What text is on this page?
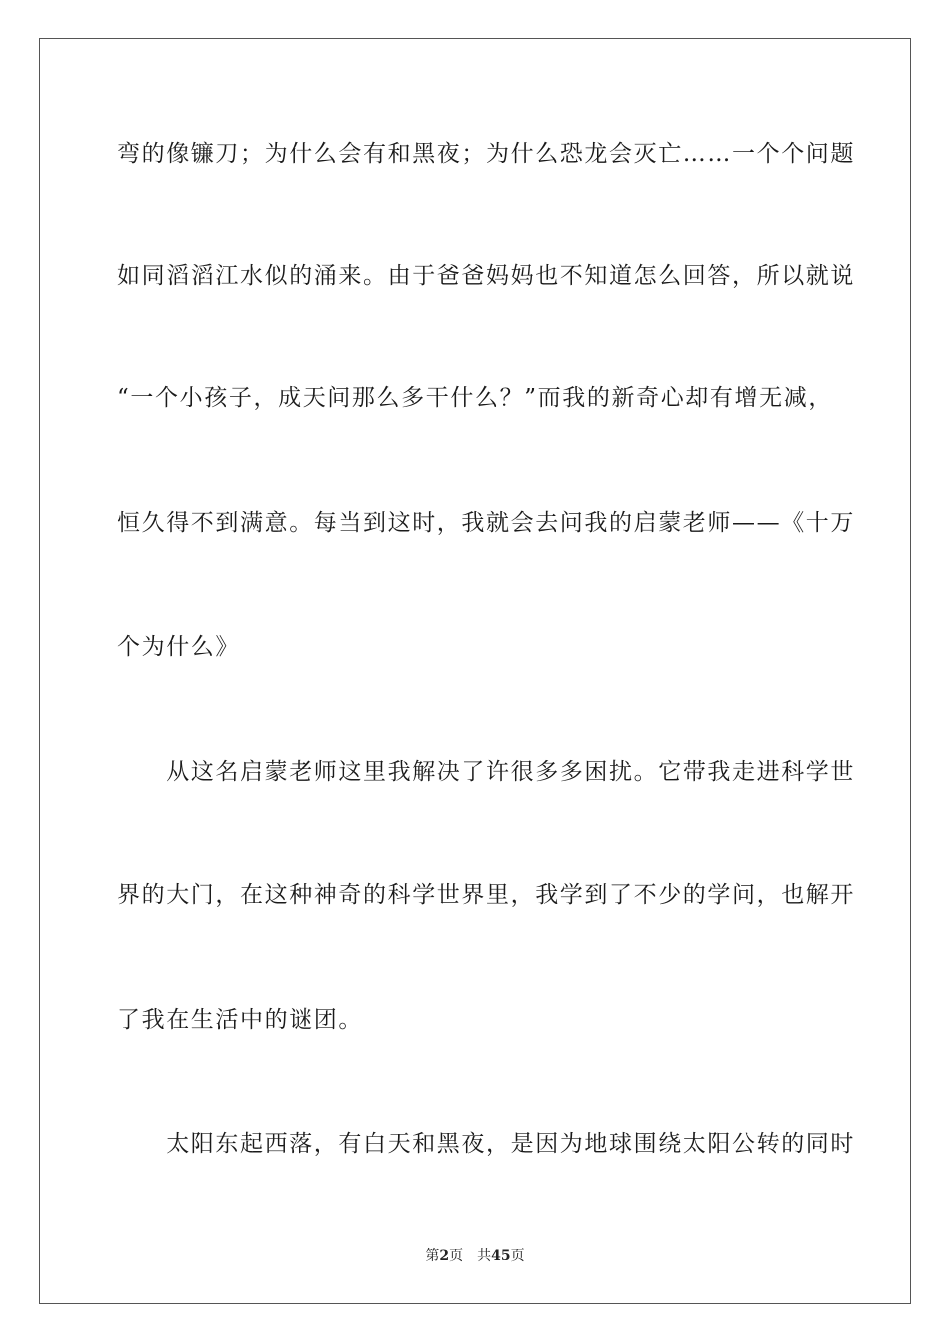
弯的像镰刀；为什么会有和黑夜；为什么恐龙会灭亡……一个个问题
如同滔滔江水似的涌来。由于爸爸妈妈也不知道怎么回答，所以就说
“一个小孩子，成天问那么多干什么？”而我的新奇心却有增无减，
恒久得不到满意。每当到这时，我就会去问我的启蒙老师——《十万
个为什么》
　　从这名启蒙老师这里我解决了许很多多困扰。它带我走进科学世
界的大门，在这种神奇的科学世界里，我学到了不少的学问，也解开
了我在生活中的谜团。
　　太阳东起西落，有白天和黑夜，是因为地球围绕太阳公转的同时
第2页 共45页
